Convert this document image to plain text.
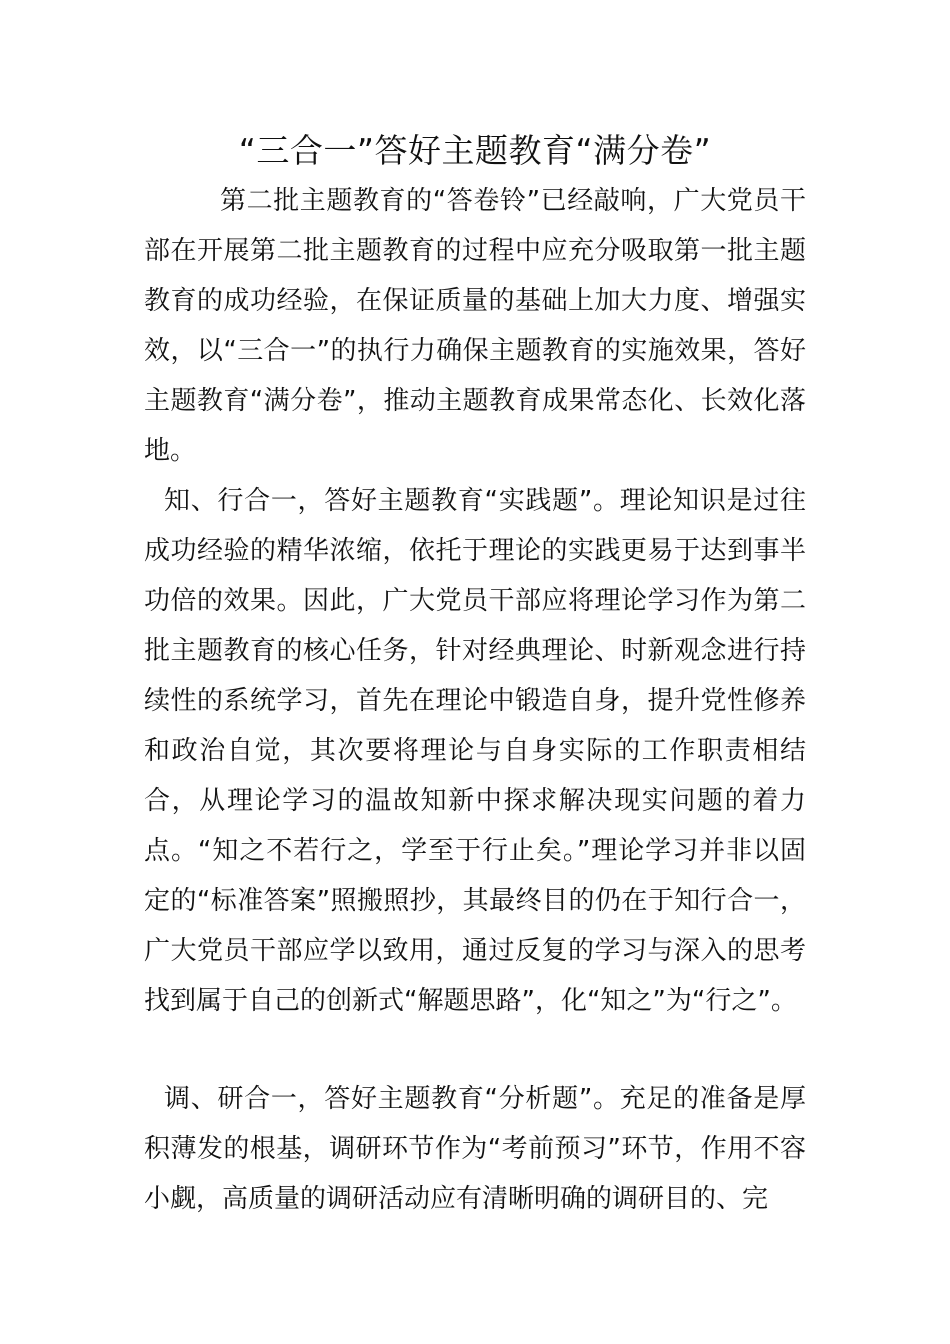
“三合一”答好主题教育“满分卷”

第二批主题教育的“答卷铃”已经敲响，广大党员干部在开展第二批主题教育的过程中应充分吸取第一批主题教育的成功经验，在保证质量的基础上加大力度、增强实效，以“三合一”的执行力确保主题教育的实施效果，答好主题教育“满分卷”，推动主题教育成果常态化、长效化落地。

知、行合一，答好主题教育“实践题”。理论知识是过往成功经验的精华浓缩，依托于理论的实践更易于达到事半功倍的效果。因此，广大党员干部应将理论学习作为第二批主题教育的核心任务，针对经典理论、时新观念进行持续性的系统学习，首先在理论中锻造自身，提升党性修养和政治自觉，其次要将理论与自身实际的工作职责相结合，从理论学习的温故知新中探求解决现实问题的着力点。“知之不若行之，学至于行止矣。”理论学习并非以固定的“标准答案”照搬照抄，其最终目的仍在于知行合一，广大党员干部应学以致用，通过反复的学习与深入的思考找到属于自己的创新式“解题思路”，化“知之”为“行之”。

调、研合一，答好主题教育“分析题”。充足的准备是厚积薄发的根基，调研环节作为“考前预习”环节，作用不容小觑，高质量的调研活动应有清晰明确的调研目的、完
